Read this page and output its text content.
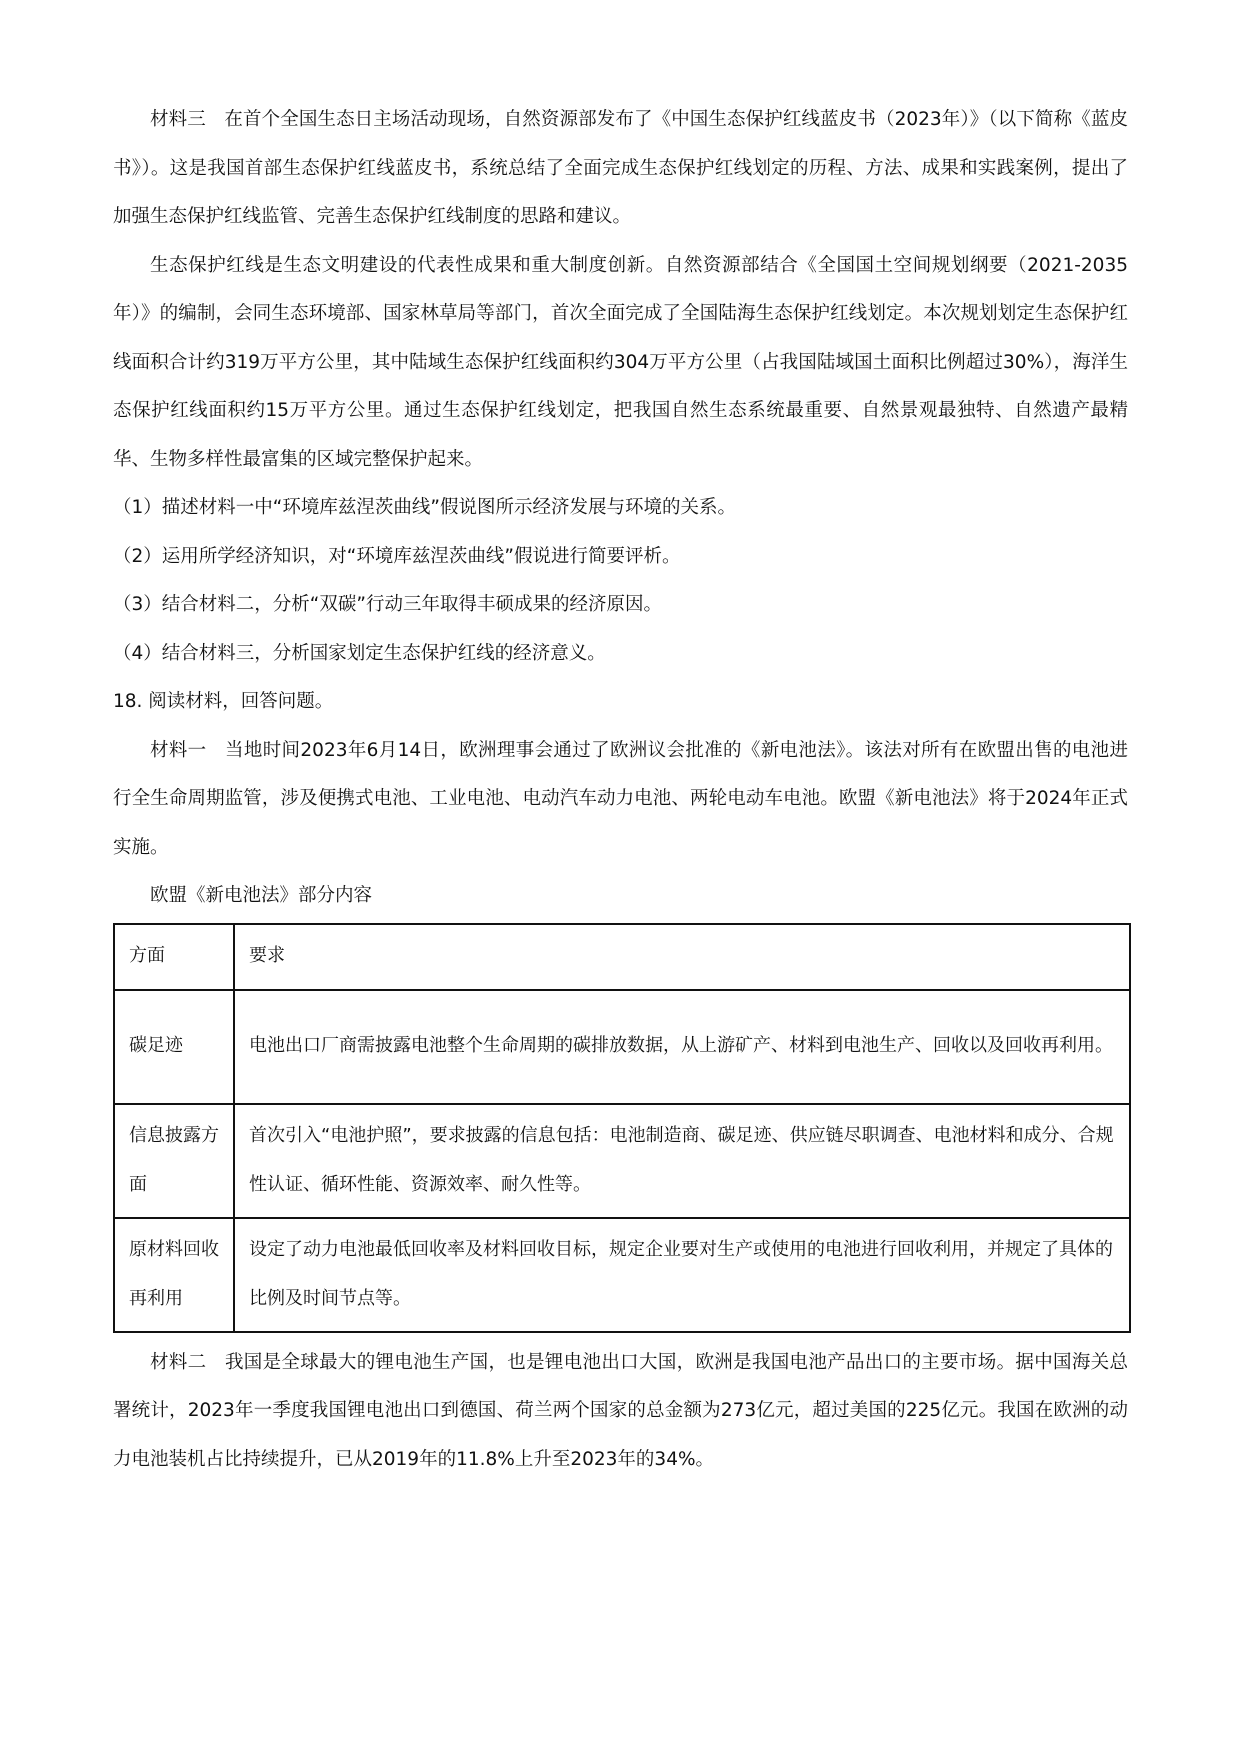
材料三 在首个全国生态日主场活动现场，自然资源部发布了《中国生态保护红线蓝皮书（2023年）》（以下简称《蓝皮书》）。这是我国首部生态保护红线蓝皮书，系统总结了全面完成生态保护红线划定的历程、方法、成果和实践案例，提出了加强生态保护红线监管、完善生态保护红线制度的思路和建议。

生态保护红线是生态文明建设的代表性成果和重大制度创新。自然资源部结合《全国国土空间规划纲要（2021-2035年）》的编制，会同生态环境部、国家林草局等部门，首次全面完成了全国陆海生态保护红线划定。本次规划划定生态保护红线面积合计约319万平方公里，其中陆域生态保护红线面积约304万平方公里（占我国陆域国土面积比例超过30%），海洋生态保护红线面积约15万平方公里。通过生态保护红线划定，把我国自然生态系统最重要、自然景观最独特、自然遗产最精华、生物多样性最富集的区域完整保护起来。

（1）描述材料一中“环境库兹涅茨曲线”假说图所示经济发展与环境的关系。

（2）运用所学经济知识，对“环境库兹涅茨曲线”假说进行简要评析。

（3）结合材料二，分析“双碳”行动三年取得丰硕成果的经济原因。

（4）结合材料三，分析国家划定生态保护红线的经济意义。

18. 阅读材料，回答问题。

材料一 当地时间2023年6月14日，欧洲理事会通过了欧洲议会批准的《新电池法》。该法对所有在欧盟出售的电池进行全生命周期监管，涉及便携式电池、工业电池、电动汽车动力电池、两轮电动车电池。欧盟《新电池法》将于2024年正式实施。

欧盟《新电池法》部分内容

方面	要求
碳足迹	电池出口厂商需披露电池整个生命周期的碳排放数据，从上游矿产、材料到电池生产、回收以及回收再利用。
信息披露方面	首次引入“电池护照”，要求披露的信息包括：电池制造商、碳足迹、供应链尽职调查、电池材料和成分、合规性认证、循环性能、资源效率、耐久性等。
原材料回收再利用	设定了动力电池最低回收率及材料回收目标，规定企业要对生产或使用的电池进行回收利用，并规定了具体的比例及时间节点等。

材料二 我国是全球最大的锂电池生产国，也是锂电池出口大国，欧洲是我国电池产品出口的主要市场。据中国海关总署统计，2023年一季度我国锂电池出口到德国、荷兰两个国家的总金额为273亿元，超过美国的225亿元。我国在欧洲的动力电池装机占比持续提升，已从2019年的11.8%上升至2023年的34%。
